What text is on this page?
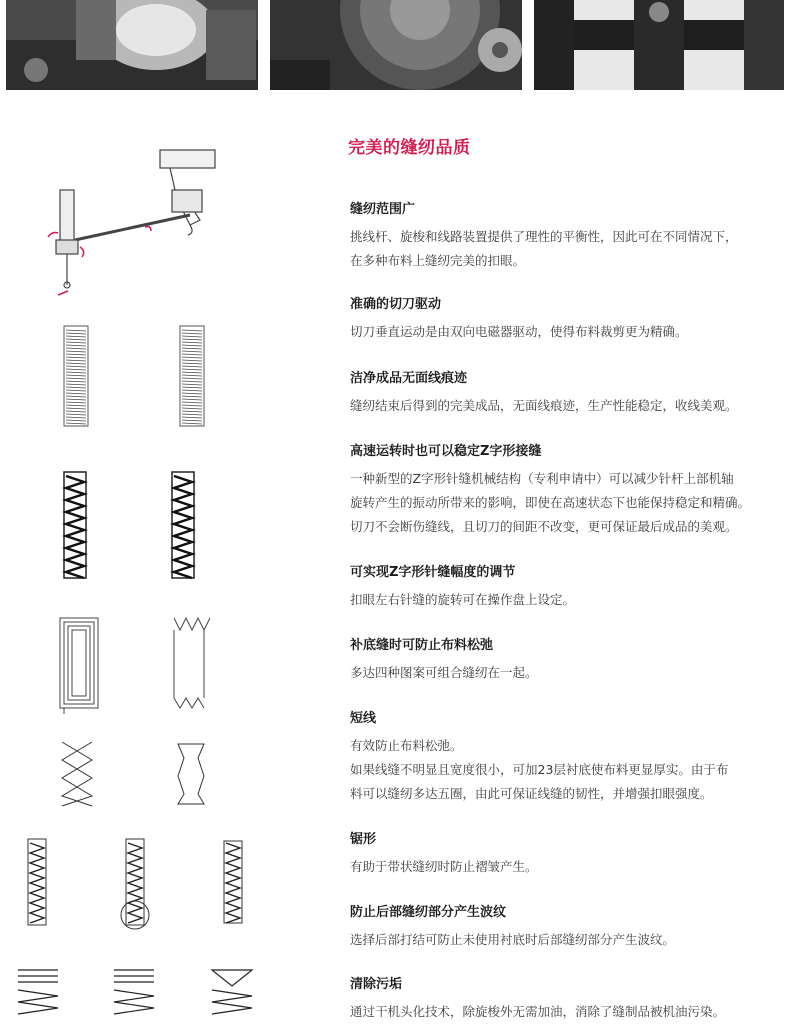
完美的缝纫品质
缝纫范围广

挑线杆、旋梭和线路装置提供了理性的平衡性，因此可在不同情况下，

在多种布料上缝纫完美的扣眼。

准确的切刀驱动

切刀垂直运动是由双向电磁器驱动，使得布料裁剪更为精确。

洁净成品无面线痕迹

缝纫结束后得到的完美成品，无面线痕迹，生产性能稳定，收线美观。

高速运转时也可以稳定Z字形接缝

一种新型的Z字形针缝机械结构（专利申请中）可以减少针杆上部机轴

旋转产生的振动所带来的影响，即使在高速状态下也能保持稳定和精确。

切刀不会断伤缝线，且切刀的间距不改变，更可保证最后成品的美观。

可实现Z字形针缝幅度的调节

扣眼左右针缝的旋转可在操作盘上设定。

补底缝时可防止布料松弛

多达四种图案可组合缝纫在一起。

短线

有效防止布料松弛。

如果线缝不明显且宽度很小，可加23层衬底使布料更显厚实。由于布

料可以缝纫多达五圈，由此可保证线缝的韧性，并增强扣眼强度。

锯形

有助于带状缝纫时防止褶皱产生。

防止后部缝纫部分产生波纹

选择后部打结可防止未使用衬底时后部缝纫部分产生波纹。

清除污垢

通过干机头化技术，除旋梭外无需加油，消除了缝制品被机油污染。
